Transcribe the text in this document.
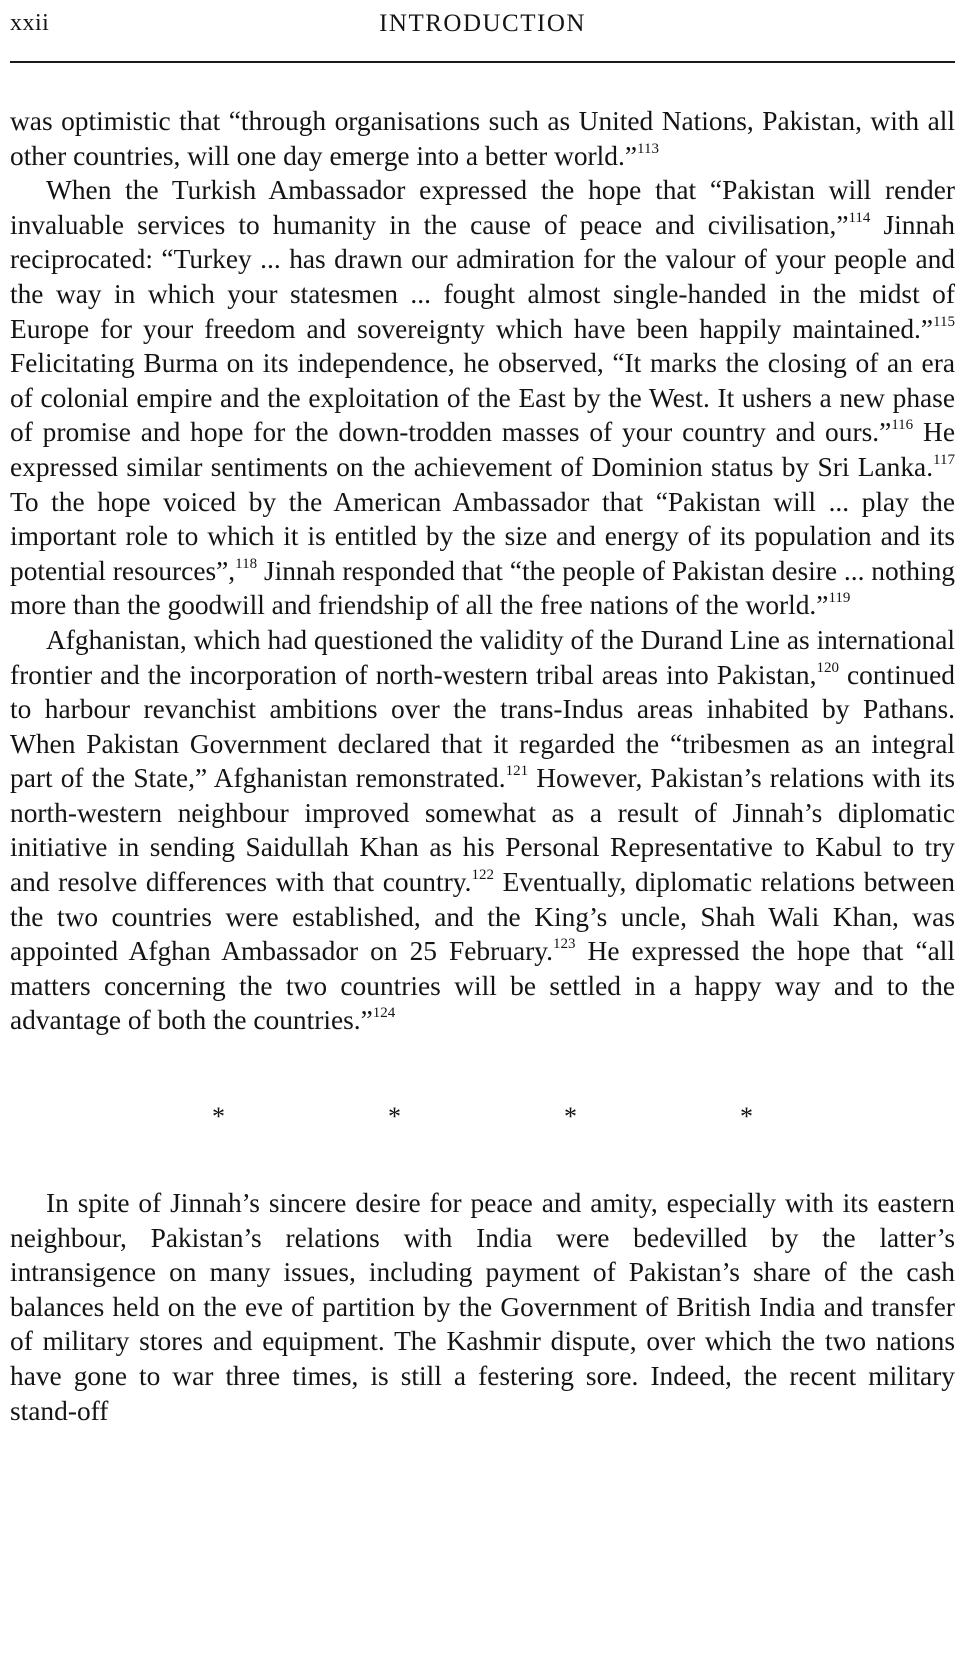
xxii	INTRODUCTION

was optimistic that “through organisations such as United Nations, Pakistan, with all other countries, will one day emerge into a better world.”$^{113}$

When the Turkish Ambassador expressed the hope that “Pakistan will render invaluable services to humanity in the cause of peace and civilisation,”$^{114}$ Jinnah reciprocated: “Turkey ... has drawn our admiration for the valour of your people and the way in which your statesmen ... fought almost single-handed in the midst of Europe for your freedom and sovereignty which have been happily maintained.”$^{115}$ Felicitating Burma on its independence, he observed, “It marks the closing of an era of colonial empire and the exploitation of the East by the West. It ushers a new phase of promise and hope for the down-trodden masses of your country and ours.”$^{116}$ He expressed similar sentiments on the achievement of Dominion status by Sri Lanka.$^{117}$ To the hope voiced by the American Ambassador that “Pakistan will ... play the important role to which it is entitled by the size and energy of its population and its potential resources”,$^{118}$ Jinnah responded that “the people of Pakistan desire ... nothing more than the goodwill and friendship of all the free nations of the world.”$^{119}$

Afghanistan, which had questioned the validity of the Durand Line as international frontier and the incorporation of north-western tribal areas into Pakistan,$^{120}$ continued to harbour revanchist ambitions over the trans-Indus areas inhabited by Pathans. When Pakistan Government declared that it regarded the “tribesmen as an integral part of the State,” Afghanistan remonstrated.$^{121}$ However, Pakistan’s relations with its north-western neighbour improved somewhat as a result of Jinnah’s diplomatic initiative in sending Saidullah Khan as his Personal Representative to Kabul to try and resolve differences with that country.$^{122}$ Eventually, diplomatic relations between the two countries were established, and the King’s uncle, Shah Wali Khan, was appointed Afghan Ambassador on 25 February.$^{123}$ He expressed the hope that “all matters concerning the two countries will be settled in a happy way and to the advantage of both the countries.”$^{124}$

*	*	*	*

In spite of Jinnah’s sincere desire for peace and amity, especially with its eastern neighbour, Pakistan’s relations with India were bedevilled by the latter’s intransigence on many issues, including payment of Pakistan’s share of the cash balances held on the eve of partition by the Government of British India and transfer of military stores and equipment. The Kashmir dispute, over which the two nations have gone to war three times, is still a festering sore. Indeed, the recent military stand-off
